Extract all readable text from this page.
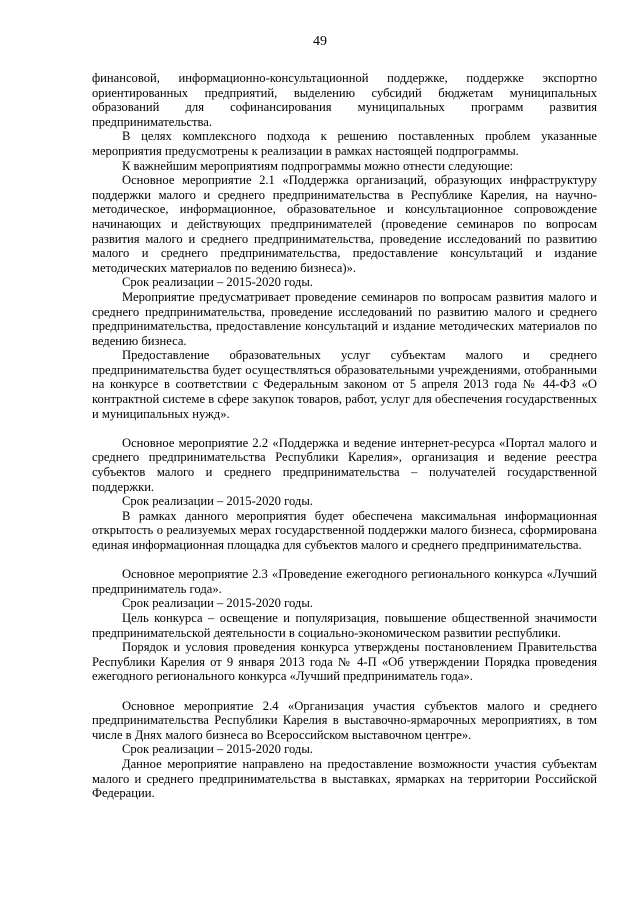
49

финансовой, информационно-консультационной поддержке, поддержке экспортно ориентированных предприятий, выделению субсидий бюджетам муниципальных образований для софинансирования муниципальных программ развития предпринимательства.

В целях комплексного подхода к решению поставленных проблем указанные мероприятия предусмотрены к реализации в рамках настоящей подпрограммы.

К важнейшим мероприятиям подпрограммы можно отнести следующие:

Основное мероприятие 2.1 «Поддержка организаций, образующих инфраструктуру поддержки малого и среднего предпринимательства в Республике Карелия, на научно-методическое, информационное, образовательное и консультационное сопровождение начинающих и действующих предпринимателей (проведение семинаров по вопросам развития малого и среднего предпринимательства, проведение исследований по развитию малого и среднего предпринимательства, предоставление консультаций и издание методических материалов по ведению бизнеса)».

Срок реализации – 2015-2020 годы.

Мероприятие предусматривает проведение семинаров по вопросам развития малого и среднего предпринимательства, проведение исследований по развитию малого и среднего предпринимательства, предоставление консультаций и издание методических материалов по ведению бизнеса.

Предоставление образовательных услуг субъектам малого и среднего предпринимательства будет осуществляться образовательными учреждениями, отобранными на конкурсе в соответствии с Федеральным законом от 5 апреля 2013 года № 44-ФЗ «О контрактной системе в сфере закупок товаров, работ, услуг для обеспечения государственных и муниципальных нужд».

Основное мероприятие 2.2 «Поддержка и ведение интернет-ресурса «Портал малого и среднего предпринимательства Республики Карелия», организация и ведение реестра субъектов малого и среднего предпринимательства – получателей государственной поддержки.

Срок реализации – 2015-2020 годы.

В рамках данного мероприятия будет обеспечена максимальная информационная открытость о реализуемых мерах государственной поддержки малого бизнеса, сформирована единая информационная площадка для субъектов малого и среднего предпринимательства.

Основное мероприятие 2.3 «Проведение ежегодного регионального конкурса «Лучший предприниматель года».

Срок реализации – 2015-2020 годы.

Цель конкурса – освещение и популяризация, повышение общественной значимости предпринимательской деятельности в социально-экономическом развитии республики.

Порядок и условия проведения конкурса утверждены постановлением Правительства Республики Карелия от 9 января 2013 года № 4-П «Об утверждении Порядка проведения ежегодного регионального конкурса «Лучший предприниматель года».

Основное мероприятие 2.4 «Организация участия субъектов малого и среднего предпринимательства Республики Карелия в выставочно-ярмарочных мероприятиях, в том числе в Днях малого бизнеса во Всероссийском выставочном центре».

Срок реализации – 2015-2020 годы.

Данное мероприятие направлено на предоставление возможности участия субъектам малого и среднего предпринимательства в выставках, ярмарках на территории Российской Федерации.
